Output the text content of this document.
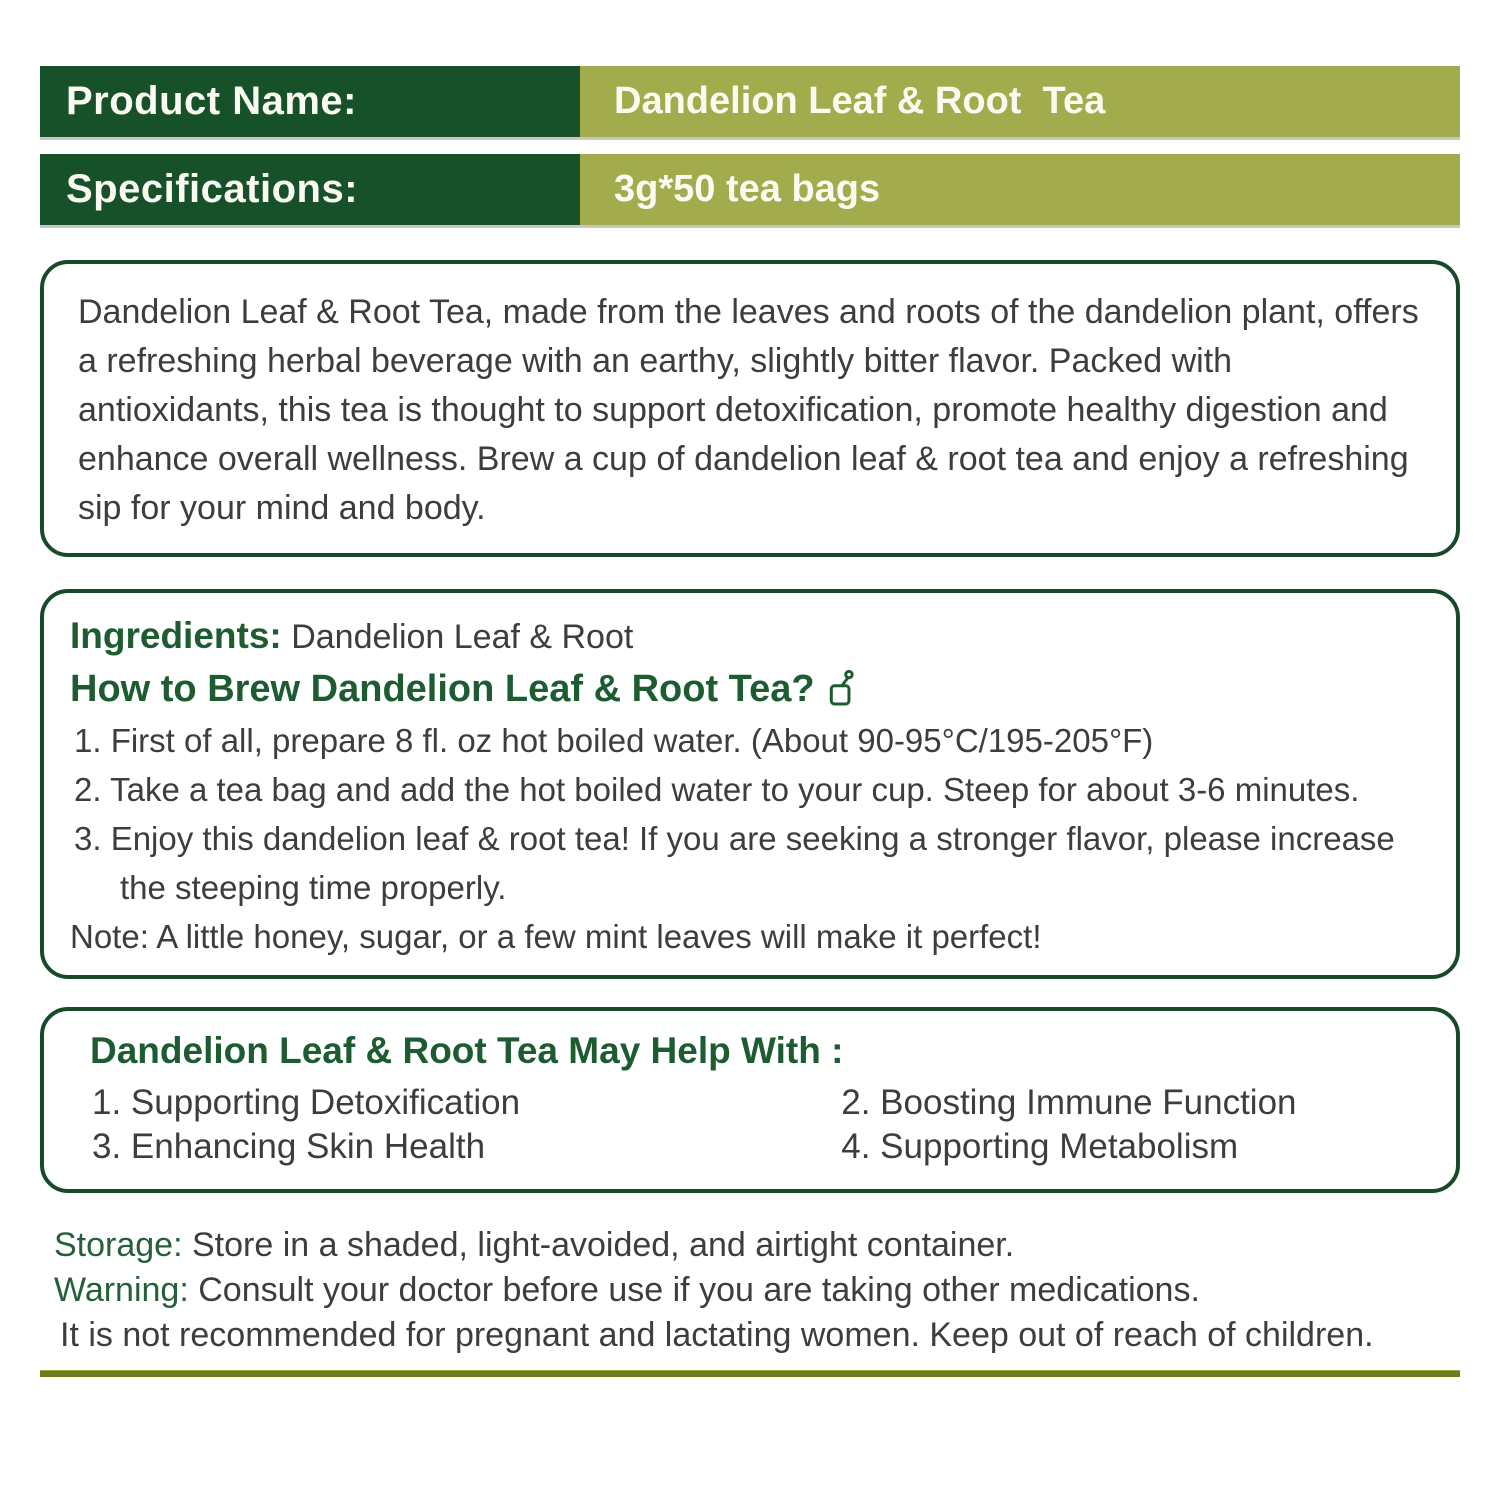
Product Name:	Dandelion Leaf & Root  Tea
Specifications:	3g*50 tea bags

Dandelion Leaf & Root Tea, made from the leaves and roots of the dandelion plant, offers a refreshing herbal beverage with an earthy, slightly bitter flavor. Packed with antioxidants, this tea is thought to support detoxification, promote healthy digestion and enhance overall wellness. Brew a cup of dandelion leaf & root tea and enjoy a refreshing sip for your mind and body.

Ingredients: Dandelion Leaf & Root
How to Brew Dandelion Leaf & Root Tea?
1. First of all, prepare 8 fl. oz hot boiled water. (About 90-95°C/195-205°F)
2. Take a tea bag and add the hot boiled water to your cup. Steep for about 3-6 minutes.
3. Enjoy this dandelion leaf & root tea! If you are seeking a stronger flavor, please increase the steeping time properly.
Note: A little honey, sugar, or a few mint leaves will make it perfect!
Dandelion Leaf & Root Tea May Help With :
1. Supporting Detoxification	2. Boosting Immune Function
3. Enhancing Skin Health	4. Supporting Metabolism
Storage: Store in a shaded, light-avoided, and airtight container.
Warning: Consult your doctor before use if you are taking other medications.
It is not recommended for pregnant and lactating women. Keep out of reach of children.
